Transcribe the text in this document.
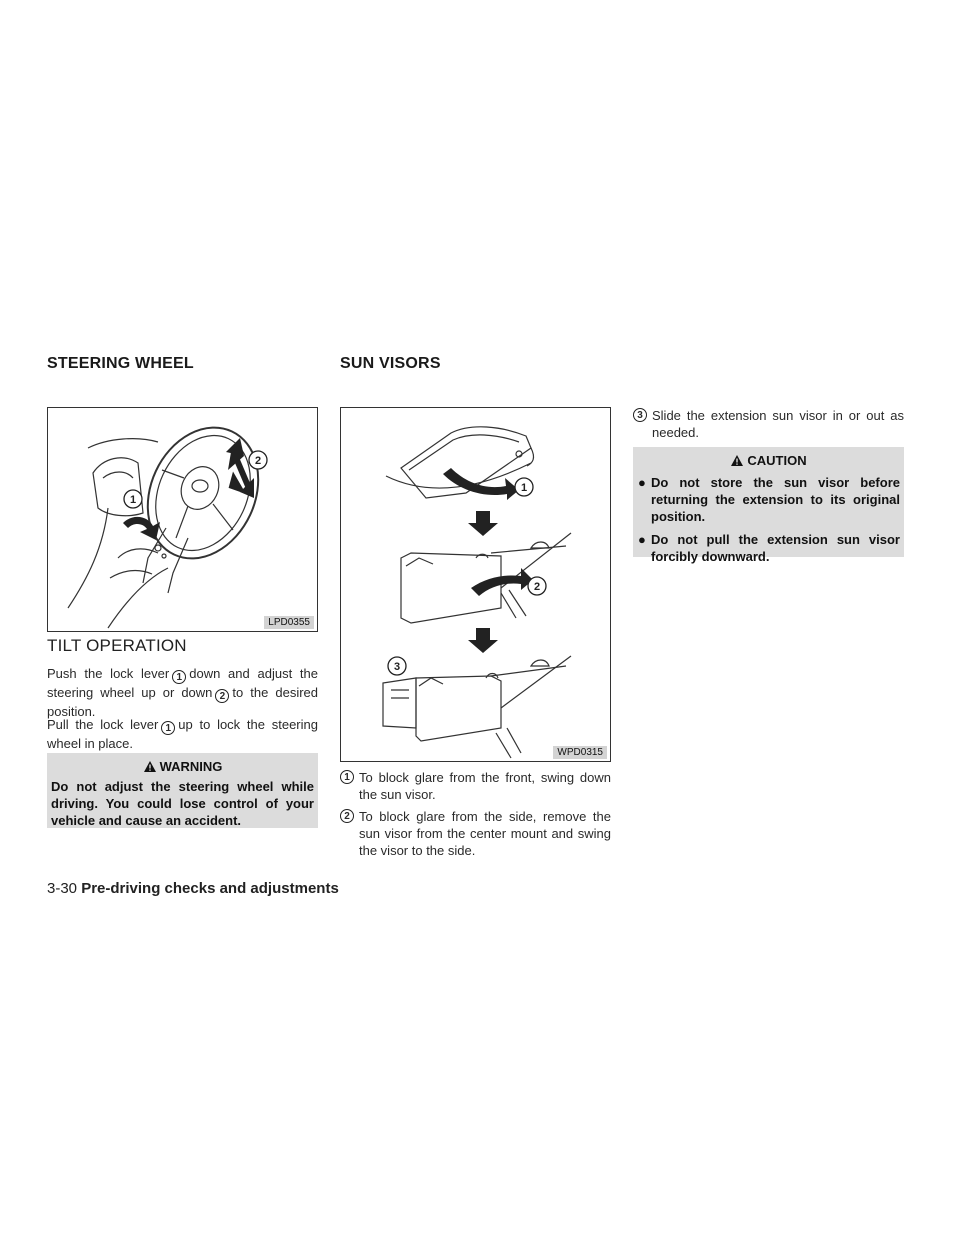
STEERING WHEEL	SUN VISORS
1
2
LPD0355
TILT OPERATION
Push the lock lever 1 down and adjust the steering wheel up or down 2 to the desired position.
Pull the lock lever 1 up to lock the steering wheel in place.
WARNING
Do not adjust the steering wheel while driving. You could lose control of your vehicle and cause an accident.
1
2
3
WPD0315
1 To block glare from the front, swing down the sun visor.
2 To block glare from the side, remove the sun visor from the center mount and swing the visor to the side.
3 Slide the extension sun visor in or out as needed.
CAUTION
● Do not store the sun visor before returning the extension to its original position.
● Do not pull the extension sun visor forcibly downward.
3-30 Pre-driving checks and adjustments
